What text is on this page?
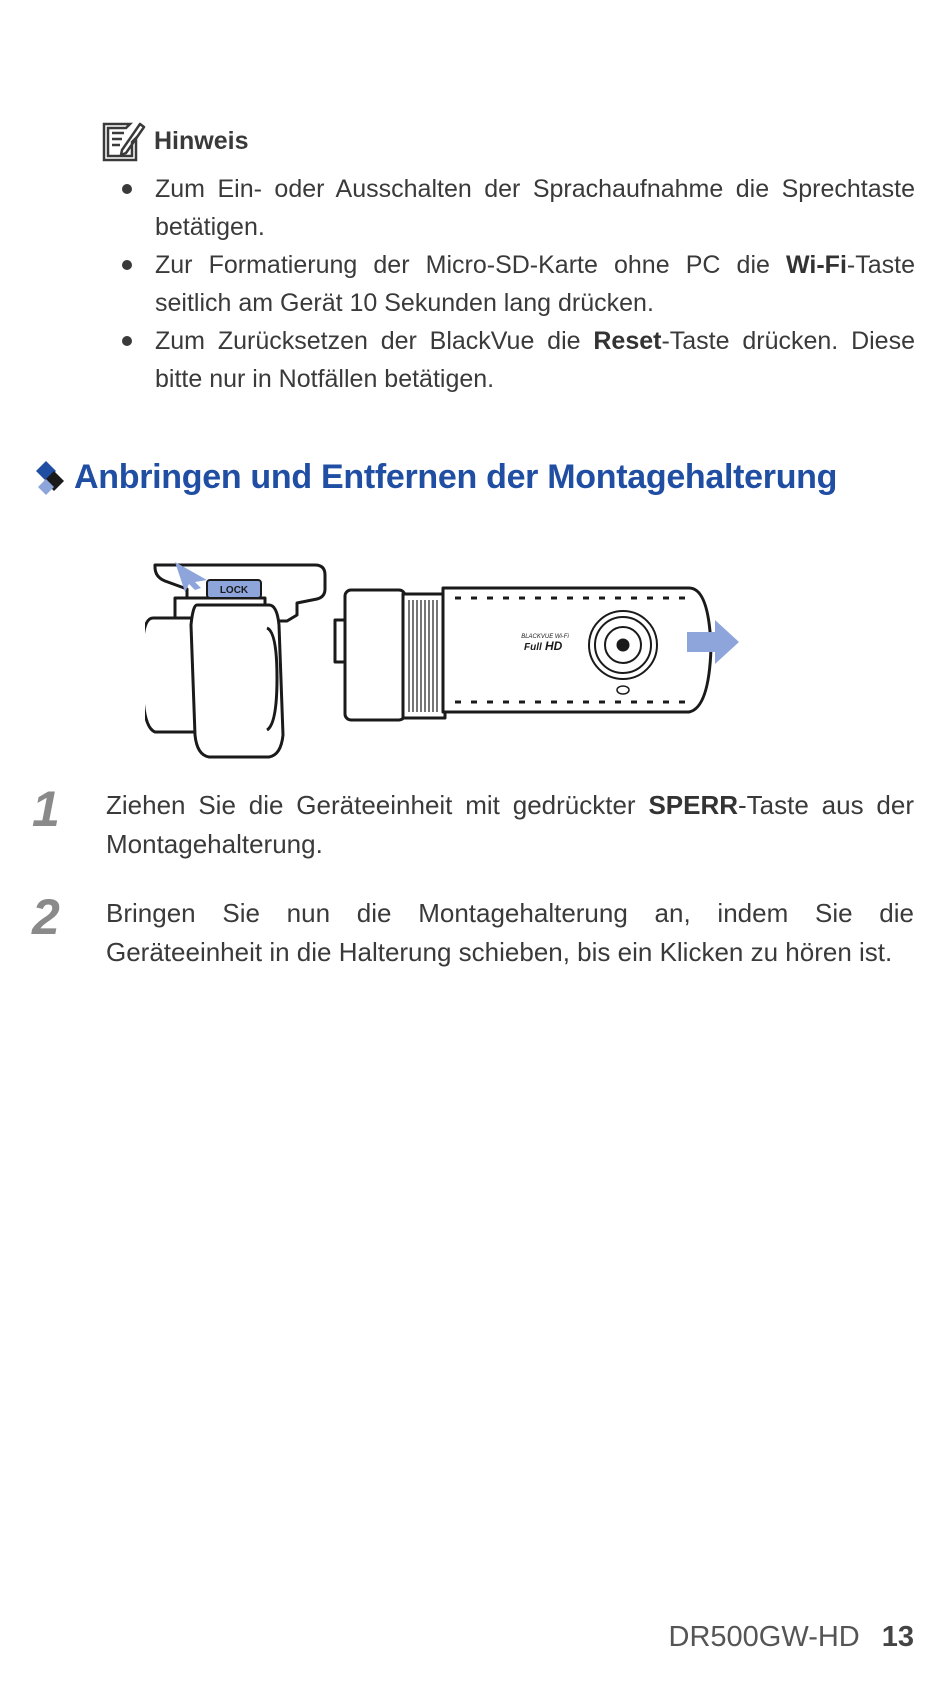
Hinweis
Zum Ein- oder Ausschalten der Sprachaufnahme die Sprechtaste betätigen.
Zur Formatierung der Micro-SD-Karte ohne PC die Wi-Fi-Taste seitlich am Gerät 10 Sekunden lang drücken.
Zum Zurücksetzen der BlackVue die Reset-Taste drücken. Diese bitte nur in Notfällen betätigen.
Anbringen und Entfernen der Montagehalterung
LOCK
BLACKVUE Wi-Fi
Full HD
1 Ziehen Sie die Geräteeinheit mit gedrückter SPERR-Taste aus der Montagehalterung.
2 Bringen Sie nun die Montagehalterung an, indem Sie die Geräteeinheit in die Halterung schieben, bis ein Klicken zu hören ist.
DR500GW-HD 13
